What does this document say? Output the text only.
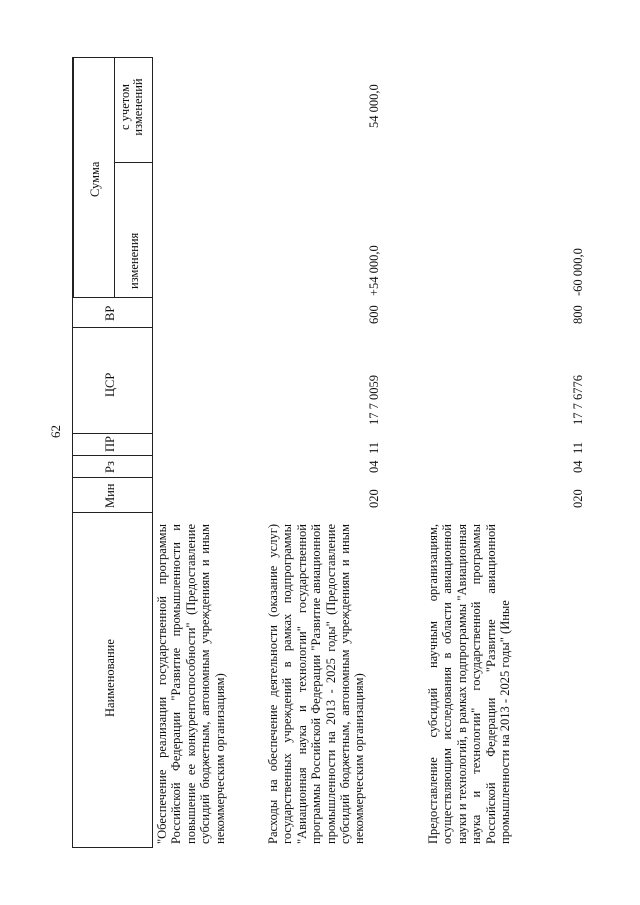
62
Наименование
Мин
Рз
ПР
ЦСР
ВР
Сумма
изменения
с учетом изменений
"Обеспечение реализации государственной программы Российской Федерации "Развитие промышленности и повышение ее конкурентоспособности" (Предоставление субсидий бюджетным, автономным учреждениям и иным некоммерческим организациям)	Расходы на обеспечение деятельности (оказание услуг) государственных учреждений в рамках подпрограммы "Авиационная наука и технологии" государственной программы Российской Федерации "Развитие авиационной промышленности на 2013 - 2025 годы" (Предоставление субсидий бюджетным, автономным учреждениям и иным некоммерческим организациям)
020
04
11
17 7 0059
600
+54 000,0
54 000,0
Предоставление субсидий научным организациям, осуществляющим исследования в области авиационной науки и технологий, в рамках подпрограммы "Авиационная наука и технологии" государственной программы Российской Федерации "Развитие авиационной промышленности на 2013 - 2025 годы" (Иные
020
04
11
17 7 6776
800
-60 000,0
